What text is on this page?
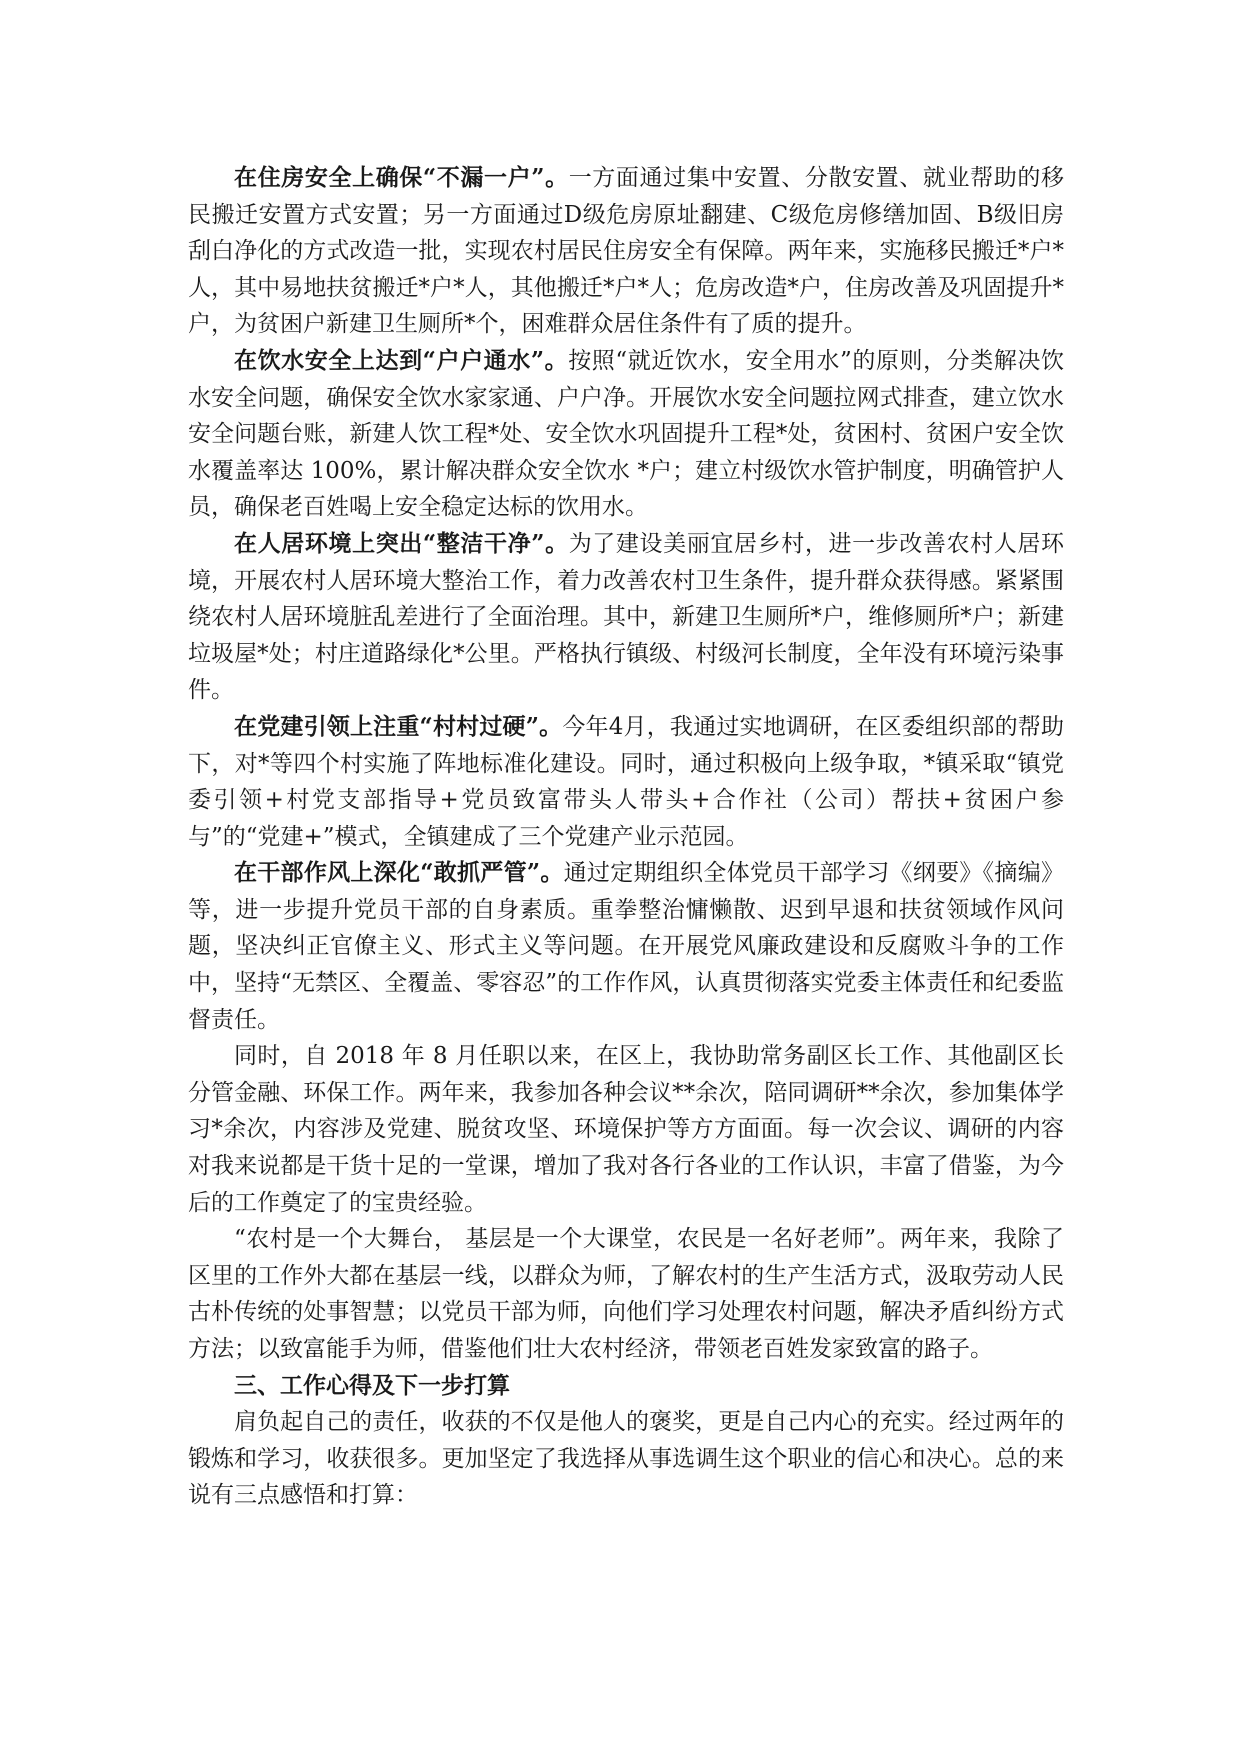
在住房安全上确保“不漏一户”。一方面通过集中安置、分散安置、就业帮助的移民搬迁安置方式安置；另一方面通过D级危房原址翻建、C级危房修缮加固、B级旧房刮白净化的方式改造一批，实现农村居民住房安全有保障。两年来，实施移民搬迁*户*人，其中易地扶贫搬迁*户*人，其他搬迁*户*人；危房改造*户，住房改善及巩固提升*户，为贫困户新建卫生厕所*个，困难群众居住条件有了质的提升。

在饮水安全上达到“户户通水”。按照“就近饮水，安全用水”的原则，分类解决饮水安全问题，确保安全饮水家家通、户户净。开展饮水安全问题拉网式排查，建立饮水安全问题台账，新建人饮工程*处、安全饮水巩固提升工程*处，贫困村、贫困户安全饮水覆盖率达 100%，累计解决群众安全饮水 *户；建立村级饮水管护制度，明确管护人员，确保老百姓喝上安全稳定达标的饮用水。

在人居环境上突出“整洁干净”。为了建设美丽宜居乡村，进一步改善农村人居环境，开展农村人居环境大整治工作，着力改善农村卫生条件，提升群众获得感。紧紧围绕农村人居环境脏乱差进行了全面治理。其中，新建卫生厕所*户，维修厕所*户；新建垃圾屋*处；村庄道路绿化*公里。严格执行镇级、村级河长制度，全年没有环境污染事件。

在党建引领上注重“村村过硬”。今年4月，我通过实地调研，在区委组织部的帮助下，对*等四个村实施了阵地标准化建设。同时，通过积极向上级争取，*镇采取“镇党委引领+村党支部指导+党员致富带头人带头+合作社（公司）帮扶+贫困户参与”的“党建+”模式，全镇建成了三个党建产业示范园。

在干部作风上深化“敢抓严管”。通过定期组织全体党员干部学习《纲要》《摘编》等，进一步提升党员干部的自身素质。重拳整治慵懒散、迟到早退和扶贫领域作风问题，坚决纠正官僚主义、形式主义等问题。在开展党风廉政建设和反腐败斗争的工作中，坚持“无禁区、全覆盖、零容忍”的工作作风，认真贯彻落实党委主体责任和纪委监督责任。

同时，自 2018 年 8 月任职以来，在区上，我协助常务副区长工作、其他副区长分管金融、环保工作。两年来，我参加各种会议**余次，陪同调研**余次，参加集体学习*余次，内容涉及党建、脱贫攻坚、环境保护等方方面面。每一次会议、调研的内容对我来说都是干货十足的一堂课，增加了我对各行各业的工作认识，丰富了借鉴，为今后的工作奠定了的宝贵经验。

“农村是一个大舞台， 基层是一个大课堂，农民是一名好老师”。两年来，我除了区里的工作外大都在基层一线，以群众为师，了解农村的生产生活方式，汲取劳动人民古朴传统的处事智慧；以党员干部为师，向他们学习处理农村问题，解决矛盾纠纷方式方法；以致富能手为师，借鉴他们壮大农村经济，带领老百姓发家致富的路子。

三、工作心得及下一步打算

肩负起自己的责任，收获的不仅是他人的褒奖，更是自己内心的充实。经过两年的锻炼和学习，收获很多。更加坚定了我选择从事选调生这个职业的信心和决心。总的来说有三点感悟和打算：
